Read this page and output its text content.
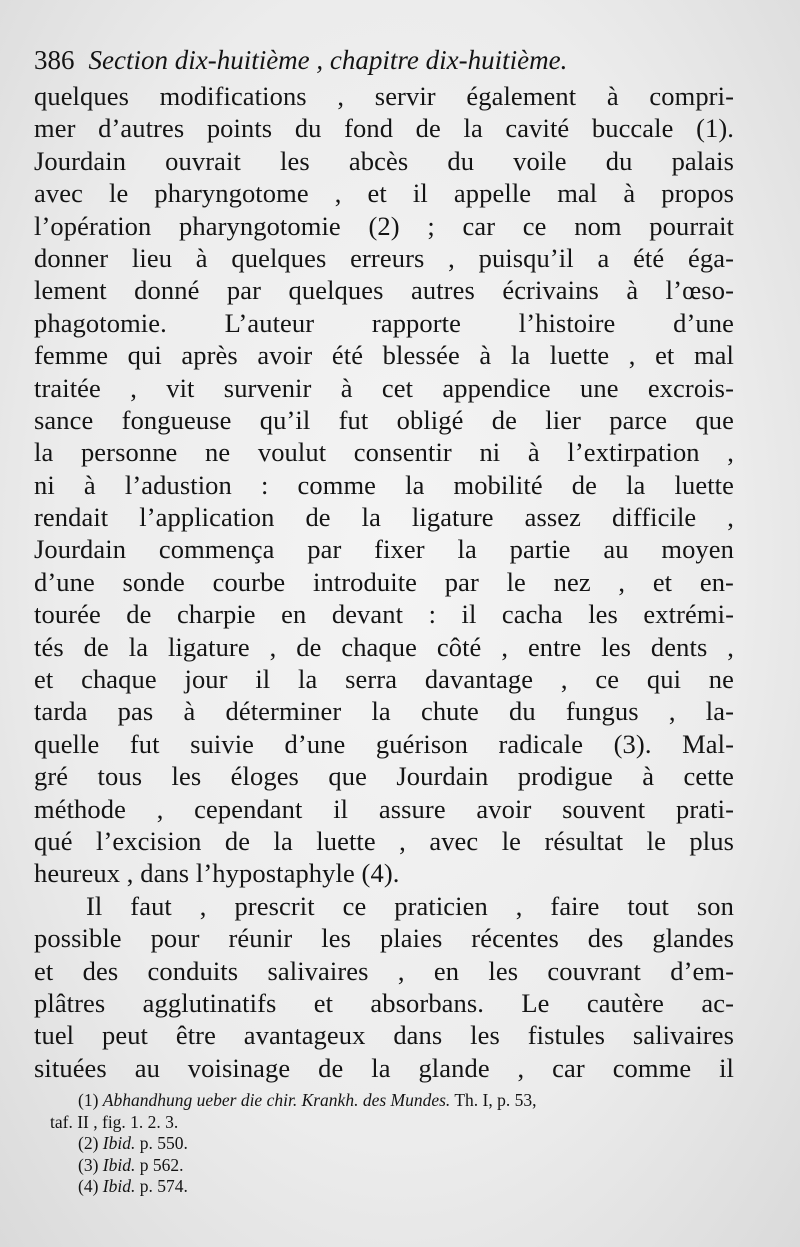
386 Section dix-huitième , chapitre dix-huitième.
quelques modifications , servir également à compri-
mer d’autres points du fond de la cavité buccale (1).
Jourdain ouvrait les abcès du voile du palais
avec le pharyngotome , et il appelle mal à propos
l’opération pharyngotomie (2) ; car ce nom pourrait
donner lieu à quelques erreurs , puisqu’il a été éga-
lement donné par quelques autres écrivains à l’œso-
phagotomie. L’auteur rapporte l’histoire d’une
femme qui après avoir été blessée à la luette , et mal
traitée , vit survenir à cet appendice une excrois-
sance fongueuse qu’il fut obligé de lier parce que
la personne ne voulut consentir ni à l’extirpation ,
ni à l’adustion : comme la mobilité de la luette
rendait l’application de la ligature assez difficile ,
Jourdain commença par fixer la partie au moyen
d’une sonde courbe introduite par le nez , et en-
tourée de charpie en devant : il cacha les extrémi-
tés de la ligature , de chaque côté , entre les dents ,
et chaque jour il la serra davantage , ce qui ne
tarda pas à déterminer la chute du fungus , la-
quelle fut suivie d’une guérison radicale (3). Mal-
gré tous les éloges que Jourdain prodigue à cette
méthode , cependant il assure avoir souvent prati-
qué l’excision de la luette , avec le résultat le plus
heureux , dans l’hypostaphyle (4).
Il faut , prescrit ce praticien , faire tout son
possible pour réunir les plaies récentes des glandes
et des conduits salivaires , en les couvrant d’em-
plâtres agglutinatifs et absorbans. Le cautère ac-
tuel peut être avantageux dans les fistules salivaires
situées au voisinage de la glande , car comme il
(1) Abhandhung ueber die chir. Krankh. des Mundes. Th. I, p. 53,
taf. II , fig. 1. 2. 3.
(2) Ibid. p. 550.
(3) Ibid. p 562.
(4) Ibid. p. 574.
